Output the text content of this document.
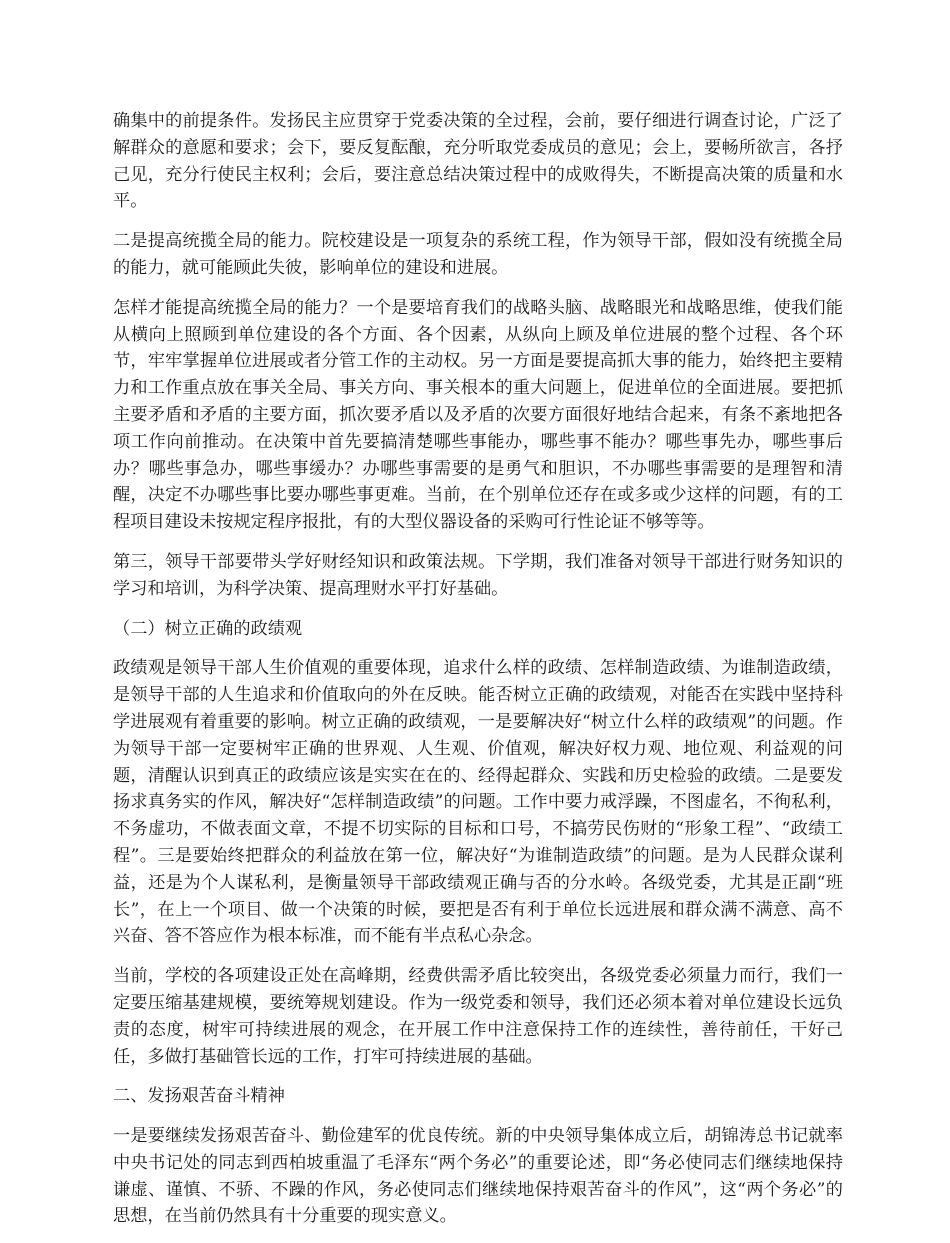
确集中的前提条件。发扬民主应贯穿于党委决策的全过程，会前，要仔细进行调查讨论，广泛了解群众的意愿和要求；会下，要反复酝酿，充分听取党委成员的意见；会上，要畅所欲言，各抒己见，充分行使民主权利；会后，要注意总结决策过程中的成败得失，不断提高决策的质量和水平。

二是提高统揽全局的能力。院校建设是一项复杂的系统工程，作为领导干部，假如没有统揽全局的能力，就可能顾此失彼，影响单位的建设和进展。

怎样才能提高统揽全局的能力？一个是要培育我们的战略头脑、战略眼光和战略思维，使我们能从横向上照顾到单位建设的各个方面、各个因素，从纵向上顾及单位进展的整个过程、各个环节，牢牢掌握单位进展或者分管工作的主动权。另一方面是要提高抓大事的能力，始终把主要精力和工作重点放在事关全局、事关方向、事关根本的重大问题上，促进单位的全面进展。要把抓主要矛盾和矛盾的主要方面，抓次要矛盾以及矛盾的次要方面很好地结合起来，有条不紊地把各项工作向前推动。在决策中首先要搞清楚哪些事能办，哪些事不能办？哪些事先办，哪些事后办？哪些事急办，哪些事缓办？办哪些事需要的是勇气和胆识，不办哪些事需要的是理智和清醒，决定不办哪些事比要办哪些事更难。当前，在个别单位还存在或多或少这样的问题，有的工程项目建设未按规定程序报批，有的大型仪器设备的采购可行性论证不够等等。

第三，领导干部要带头学好财经知识和政策法规。下学期，我们准备对领导干部进行财务知识的学习和培训，为科学决策、提高理财水平打好基础。

（二）树立正确的政绩观

政绩观是领导干部人生价值观的重要体现，追求什么样的政绩、怎样制造政绩、为谁制造政绩，是领导干部的人生追求和价值取向的外在反映。能否树立正确的政绩观，对能否在实践中坚持科学进展观有着重要的影响。树立正确的政绩观，一是要解决好“树立什么样的政绩观”的问题。作为领导干部一定要树牢正确的世界观、人生观、价值观，解决好权力观、地位观、利益观的问题，清醒认识到真正的政绩应该是实实在在的、经得起群众、实践和历史检验的政绩。二是要发扬求真务实的作风，解决好“怎样制造政绩”的问题。工作中要力戒浮躁，不图虚名，不徇私利，不务虚功，不做表面文章，不提不切实际的目标和口号，不搞劳民伤财的“形象工程”、“政绩工程”。三是要始终把群众的利益放在第一位，解决好“为谁制造政绩”的问题。是为人民群众谋利益，还是为个人谋私利，是衡量领导干部政绩观正确与否的分水岭。各级党委，尤其是正副“班长”，在上一个项目、做一个决策的时候，要把是否有利于单位长远进展和群众满不满意、高不兴奋、答不答应作为根本标准，而不能有半点私心杂念。

当前，学校的各项建设正处在高峰期，经费供需矛盾比较突出，各级党委必须量力而行，我们一定要压缩基建规模，要统筹规划建设。作为一级党委和领导，我们还必须本着对单位建设长远负责的态度，树牢可持续进展的观念，在开展工作中注意保持工作的连续性，善待前任，干好己任，多做打基础管长远的工作，打牢可持续进展的基础。

二、发扬艰苦奋斗精神

一是要继续发扬艰苦奋斗、勤俭建军的优良传统。新的中央领导集体成立后，胡锦涛总书记就率中央书记处的同志到西柏坡重温了毛泽东“两个务必”的重要论述，即“务必使同志们继续地保持谦虚、谨慎、不骄、不躁的作风，务必使同志们继续地保持艰苦奋斗的作风”，这“两个务必”的思想，在当前仍然具有十分重要的现实意义。
